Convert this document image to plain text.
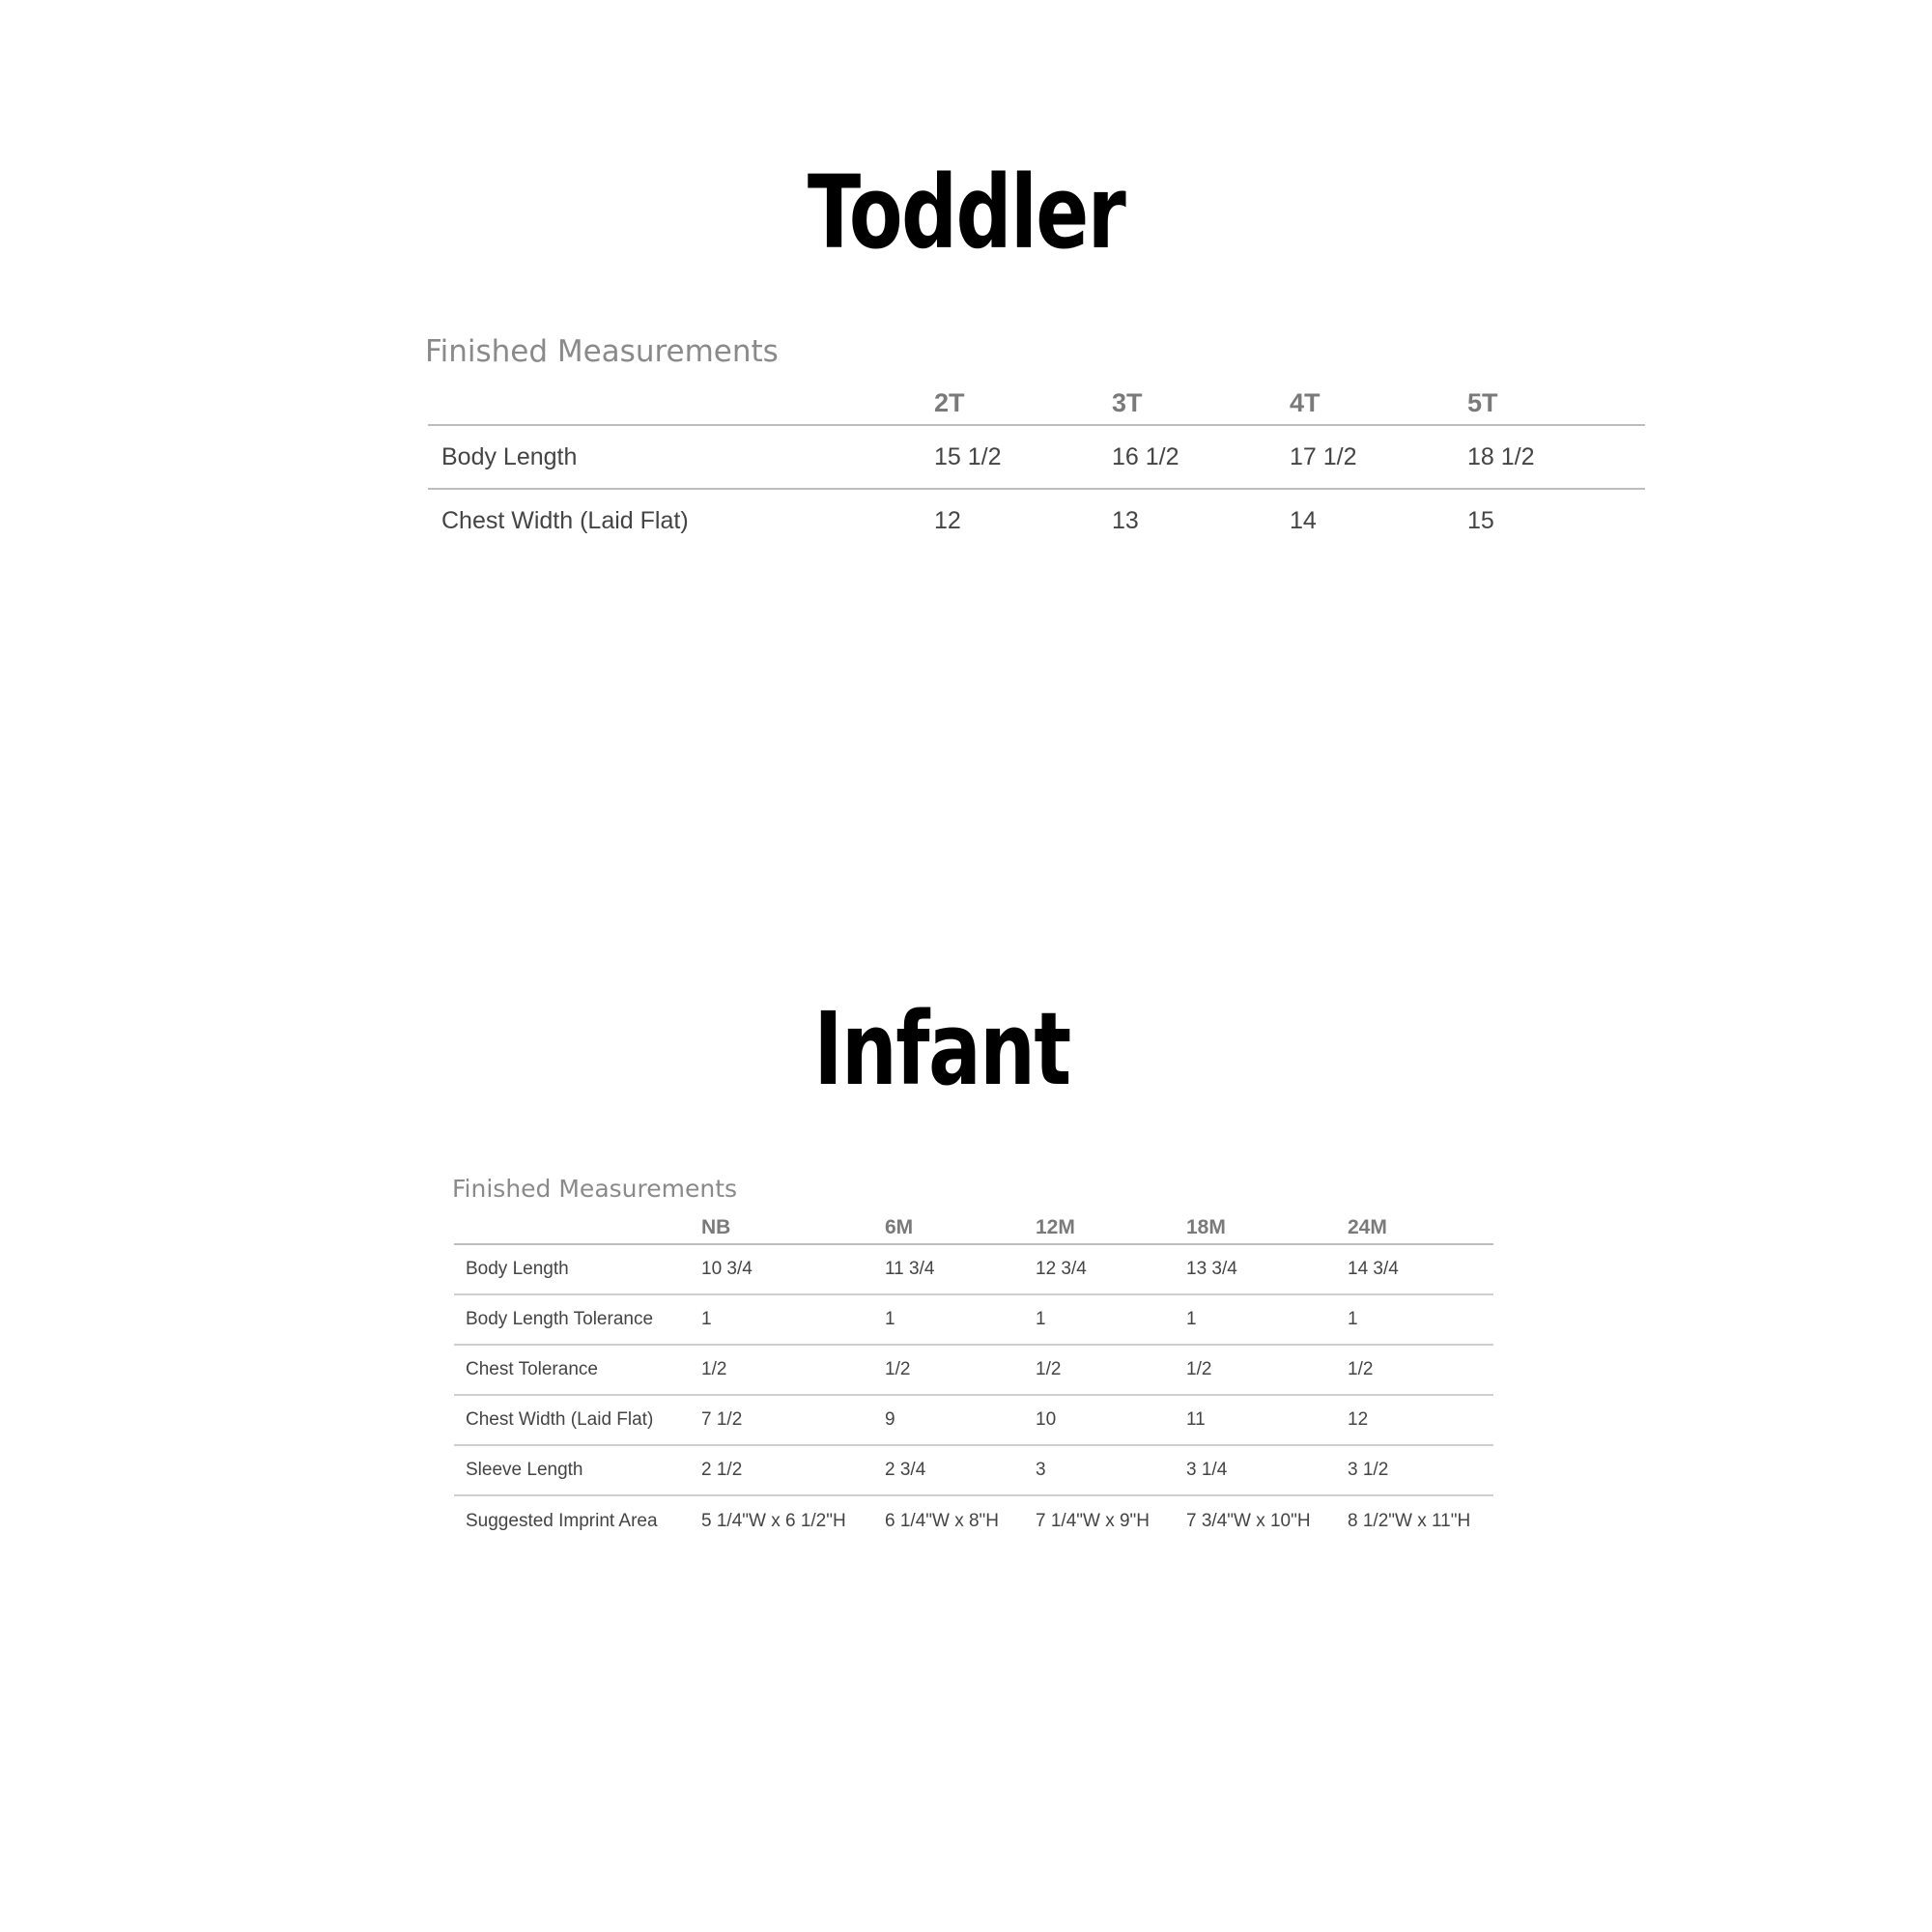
Toddler
Finished Measurements
	2T	3T	4T	5T
Body Length	15 1/2	16 1/2	17 1/2	18 1/2
Chest Width (Laid Flat)	12	13	14	15
Infant
Finished Measurements
	NB	6M	12M	18M	24M
Body Length	10 3/4	11 3/4	12 3/4	13 3/4	14 3/4
Body Length Tolerance	1	1	1	1	1
Chest Tolerance	1/2	1/2	1/2	1/2	1/2
Chest Width (Laid Flat)	7 1/2	9	10	11	12
Sleeve Length	2 1/2	2 3/4	3	3 1/4	3 1/2
Suggested Imprint Area	5 1/4"W x 6 1/2"H	6 1/4"W x 8"H	7 1/4"W x 9"H	7 3/4"W x 10"H	8 1/2"W x 11"H
